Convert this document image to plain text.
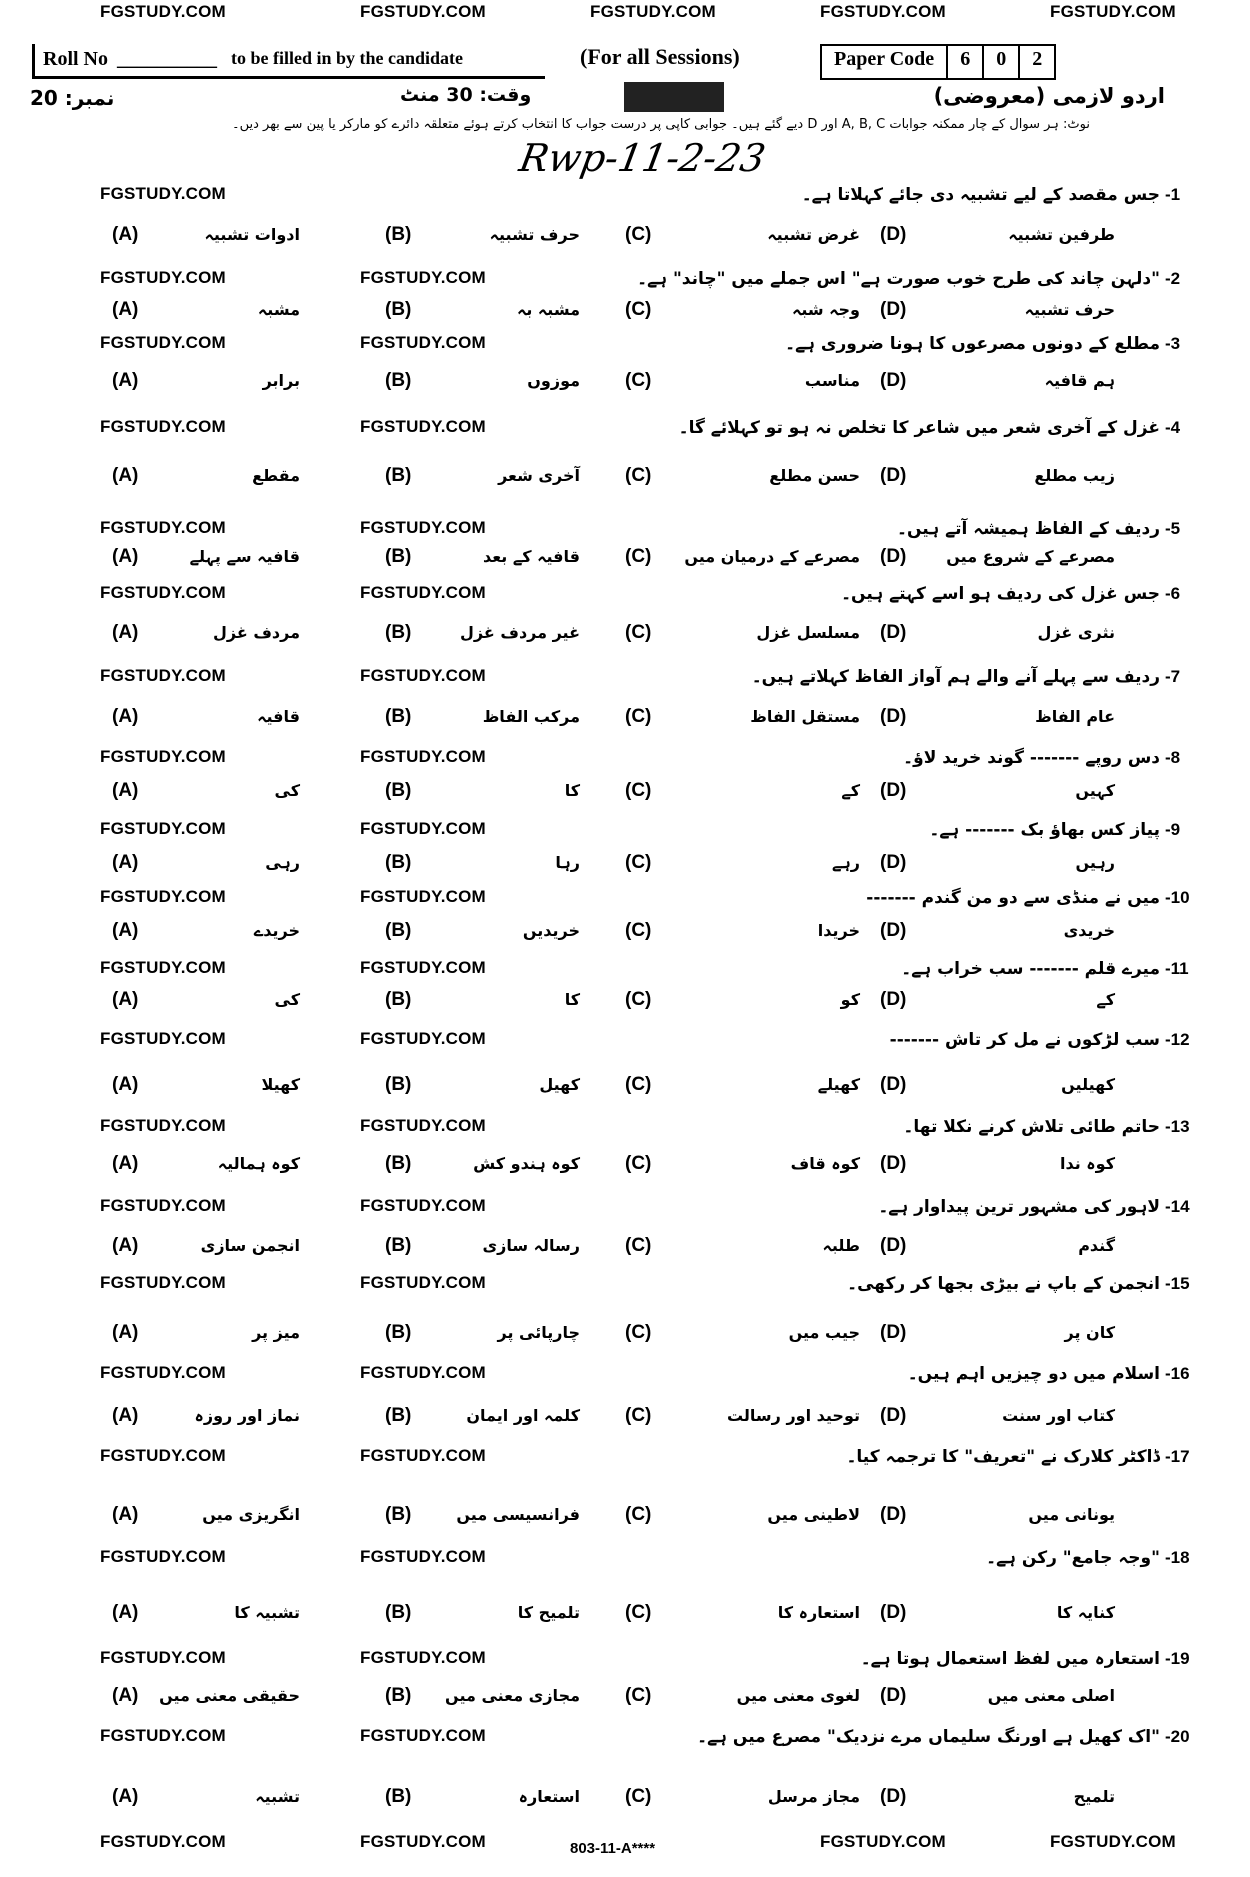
FGSTUDY.COM	FGSTUDY.COM	FGSTUDY.COM	FGSTUDY.COM	FGSTUDY.COM
FGSTUDY.COM
FGSTUDY.COM	FGSTUDY.COM
FGSTUDY.COM	FGSTUDY.COM
FGSTUDY.COM	FGSTUDY.COM
FGSTUDY.COM	FGSTUDY.COM
FGSTUDY.COM	FGSTUDY.COM
FGSTUDY.COM	FGSTUDY.COM
FGSTUDY.COM	FGSTUDY.COM
FGSTUDY.COM	FGSTUDY.COM
FGSTUDY.COM	FGSTUDY.COM
FGSTUDY.COM	FGSTUDY.COM
FGSTUDY.COM	FGSTUDY.COM
FGSTUDY.COM	FGSTUDY.COM
FGSTUDY.COM	FGSTUDY.COM
FGSTUDY.COM	FGSTUDY.COM
FGSTUDY.COM	FGSTUDY.COM
FGSTUDY.COM	FGSTUDY.COM
FGSTUDY.COM	FGSTUDY.COM
FGSTUDY.COM	FGSTUDY.COM
FGSTUDY.COM	FGSTUDY.COM
FGSTUDY.COM	FGSTUDY.COM	FGSTUDY.COM	FGSTUDY.COM
Roll No __________ to be filled in by the candidate	(For all Sessions)	Paper Code	6	0	2
نمبر: 20	وقت: 30 منٹ	اردو لازمی (معروضی)
نوٹ: ہر سوال کے چار ممکنہ جوابات A, B, C اور D دیے گئے ہیں۔ جوابی کاپی پر درست جواب کا انتخاب کرتے ہوئے متعلقہ دائرے کو مارکر یا پین سے بھر دیں۔
Rwp-11-2-23
-1
جس مقصد کے لیے تشبیہ دی جائے کہلاتا ہے۔
(A)	ادوات تشبیہ	(B)	حرف تشبیہ (C)	غرض تشبیہ (D)	طرفین تشبیہ
-2
"دلہن چاند کی طرح خوب صورت ہے" اس جملے میں "چاند" ہے۔
(A)	مشبہ	(B)	مشبہ بہ (C)	وجہ شبہ (D)	حرف تشبیہ
-3
مطلع کے دونوں مصرعوں کا ہونا ضروری ہے۔
(A)	برابر	(B)	موزوں (C)	مناسب (D)	ہم قافیہ
-4
غزل کے آخری شعر میں شاعر کا تخلص نہ ہو تو کہلائے گا۔
(A)	مقطع	(B)	آخری شعر (C)	حسن مطلع (D)	زیب مطلع
-5
ردیف کے الفاظ ہمیشہ آتے ہیں۔
(A)	قافیہ سے پہلے	(B)	قافیہ کے بعد (C) مصرعے کے درمیان میں (D) مصرعے کے شروع میں
-6
جس غزل کی ردیف ہو اسے کہتے ہیں۔
(A)	مردف غزل	(B)	غیر مردف غزل (C)	مسلسل غزل (D)	نثری غزل
-7
ردیف سے پہلے آنے والے ہم آواز الفاظ کہلاتے ہیں۔
(A)	قافیہ	(B)	مرکب الفاظ (C)	مستقل الفاظ (D)	عام الفاظ
-8
دس روپے ------- گوند خرید لاؤ۔
(A)	کی	(B)	کا (C)	کے (D)	کہیں
-9
پیاز کس بھاؤ بک ------- ہے۔
(A)	رہی	(B)	رہا (C)	رہے (D)	رہیں
-10
میں نے منڈی سے دو من گندم -------
(A)	خریدے	(B)	خریدیں (C)	خریدا (D)	خریدی
-11
میرے قلم ------- سب خراب ہے۔
(A)	کی	(B)	کا (C)	کو (D)	کے
-12
سب لڑکوں نے مل کر تاش -------
(A)	کھیلا	(B)	کھیل (C)	کھیلے (D)	کھیلیں
-13
حاتم طائی تلاش کرنے نکلا تھا۔
(A)	کوہ ہمالیہ	(B)	کوہ ہندو کش (C)	کوہ قاف (D)	کوہ ندا
-14
لاہور کی مشہور ترین پیداوار ہے۔
(A)	انجمن سازی	(B)	رسالہ سازی (C)	طلبہ (D)	گندم
-15
انجمن کے باپ نے بیڑی بجھا کر رکھی۔
(A)	میز پر	(B)	چارپائی پر (C)	جیب میں (D)	کان پر
-16
اسلام میں دو چیزیں اہم ہیں۔
(A)	نماز اور روزہ	(B)	کلمہ اور ایمان (C)	توحید اور رسالت (D)	کتاب اور سنت
-17
ڈاکٹر کلارک نے "تعریف" کا ترجمہ کیا۔
(A)	انگریزی میں	(B)	فرانسیسی میں (C)	لاطینی میں (D)	یونانی میں
-18
"وجہ جامع" رکن ہے۔
(A)	تشبیہ کا	(B)	تلمیح کا (C)	استعارہ کا (D)	کنایہ کا
-19
استعارہ میں لفظ استعمال ہوتا ہے۔
(A) حقیقی معنی میں	(B) مجازی معنی میں (C)	لغوی معنی میں (D)	اصلی معنی میں
-20
"اک کھیل ہے اورنگ سلیماں مرے نزدیک" مصرع میں ہے۔
(A)	تشبیہ	(B)	استعارہ (C)	مجاز مرسل (D)	تلمیح
803-11-A****
